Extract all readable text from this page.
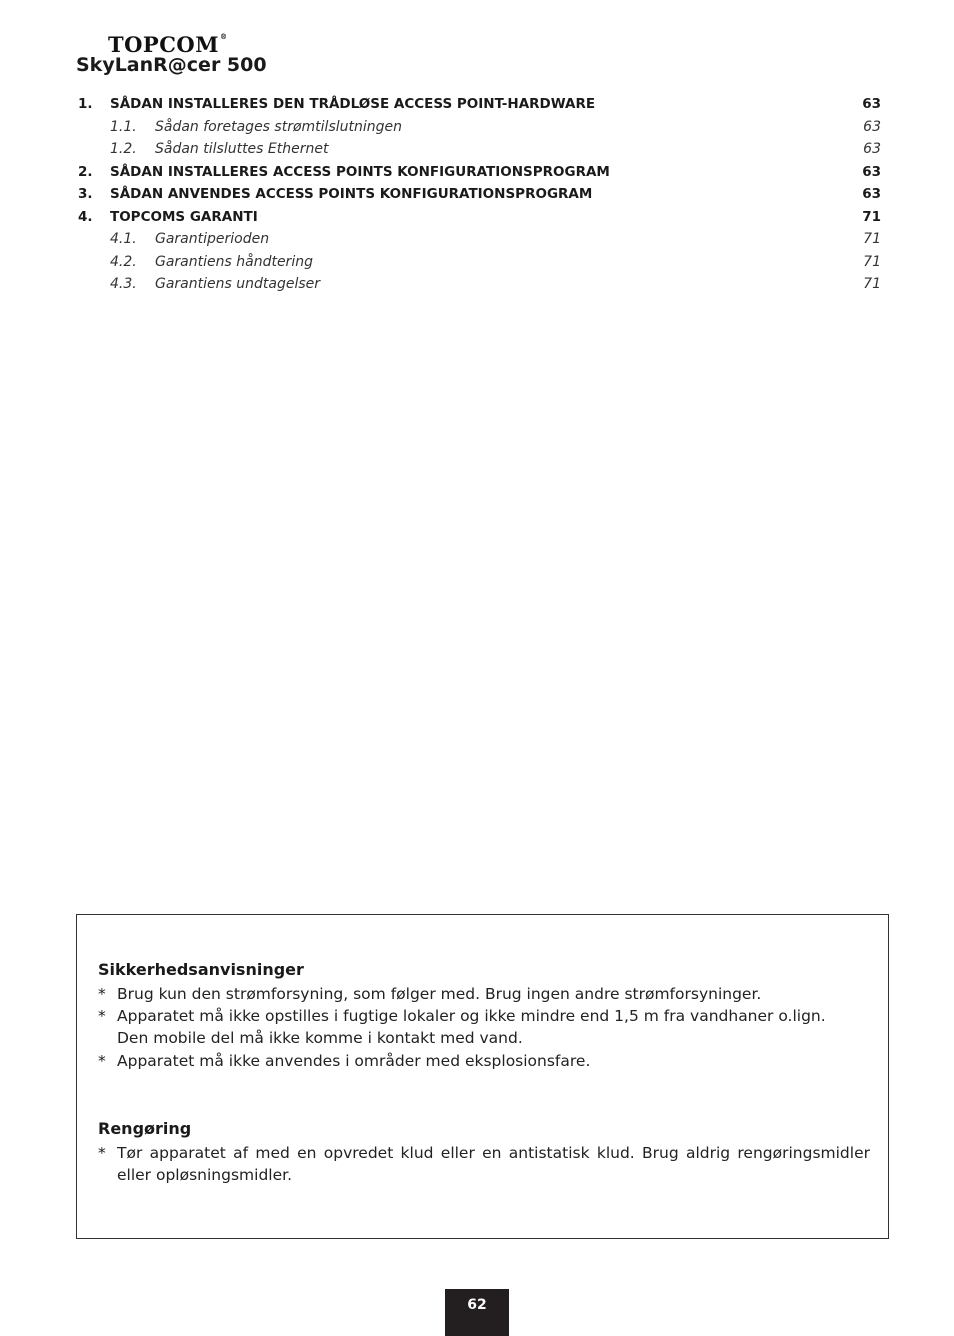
TOPCOM®
SkyLanR@cer 500
1. SÅDAN INSTALLERES DEN TRÅDLØSE ACCESS POINT-HARDWARE	63
1.1. Sådan foretages strømtilslutningen	63
1.2. Sådan tilsluttes Ethernet	63
2. SÅDAN INSTALLERES ACCESS POINTS KONFIGURATIONSPROGRAM	63
3. SÅDAN ANVENDES ACCESS POINTS KONFIGURATIONSPROGRAM	63
4. TOPCOMS GARANTI	71
4.1. Garantiperioden	71
4.2. Garantiens håndtering	71
4.3. Garantiens undtagelser	71
Sikkerhedsanvisninger
* Brug kun den strømforsyning, som følger med. Brug ingen andre strømforsyninger.
* Apparatet må ikke opstilles i fugtige lokaler og ikke mindre end 1,5 m fra vandhaner o.lign.
Den mobile del må ikke komme i kontakt med vand.
* Apparatet må ikke anvendes i områder med eksplosionsfare.
Rengøring
* Tør apparatet af med en opvredet klud eller en antistatisk klud. Brug aldrig rengøringsmidler eller opløsningsmidler.
62
